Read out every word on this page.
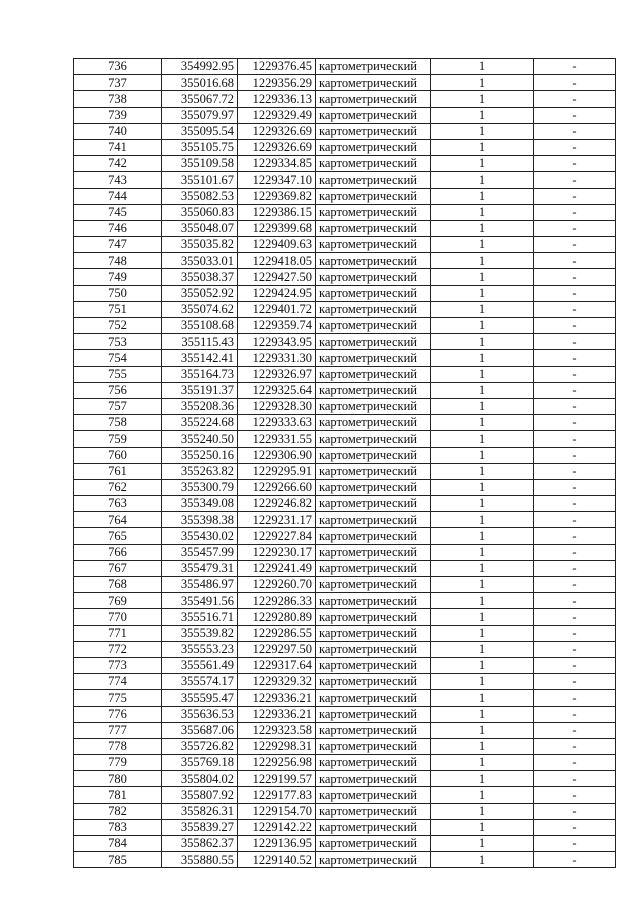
736	354992.95	1229376.45	картометрический	1	-
737	355016.68	1229356.29	картометрический	1	-
738	355067.72	1229336.13	картометрический	1	-
739	355079.97	1229329.49	картометрический	1	-
740	355095.54	1229326.69	картометрический	1	-
741	355105.75	1229326.69	картометрический	1	-
742	355109.58	1229334.85	картометрический	1	-
743	355101.67	1229347.10	картометрический	1	-
744	355082.53	1229369.82	картометрический	1	-
745	355060.83	1229386.15	картометрический	1	-
746	355048.07	1229399.68	картометрический	1	-
747	355035.82	1229409.63	картометрический	1	-
748	355033.01	1229418.05	картометрический	1	-
749	355038.37	1229427.50	картометрический	1	-
750	355052.92	1229424.95	картометрический	1	-
751	355074.62	1229401.72	картометрический	1	-
752	355108.68	1229359.74	картометрический	1	-
753	355115.43	1229343.95	картометрический	1	-
754	355142.41	1229331.30	картометрический	1	-
755	355164.73	1229326.97	картометрический	1	-
756	355191.37	1229325.64	картометрический	1	-
757	355208.36	1229328.30	картометрический	1	-
758	355224.68	1229333.63	картометрический	1	-
759	355240.50	1229331.55	картометрический	1	-
760	355250.16	1229306.90	картометрический	1	-
761	355263.82	1229295.91	картометрический	1	-
762	355300.79	1229266.60	картометрический	1	-
763	355349.08	1229246.82	картометрический	1	-
764	355398.38	1229231.17	картометрический	1	-
765	355430.02	1229227.84	картометрический	1	-
766	355457.99	1229230.17	картометрический	1	-
767	355479.31	1229241.49	картометрический	1	-
768	355486.97	1229260.70	картометрический	1	-
769	355491.56	1229286.33	картометрический	1	-
770	355516.71	1229280.89	картометрический	1	-
771	355539.82	1229286.55	картометрический	1	-
772	355553.23	1229297.50	картометрический	1	-
773	355561.49	1229317.64	картометрический	1	-
774	355574.17	1229329.32	картометрический	1	-
775	355595.47	1229336.21	картометрический	1	-
776	355636.53	1229336.21	картометрический	1	-
777	355687.06	1229323.58	картометрический	1	-
778	355726.82	1229298.31	картометрический	1	-
779	355769.18	1229256.98	картометрический	1	-
780	355804.02	1229199.57	картометрический	1	-
781	355807.92	1229177.83	картометрический	1	-
782	355826.31	1229154.70	картометрический	1	-
783	355839.27	1229142.22	картометрический	1	-
784	355862.37	1229136.95	картометрический	1	-
785	355880.55	1229140.52	картометрический	1	-
